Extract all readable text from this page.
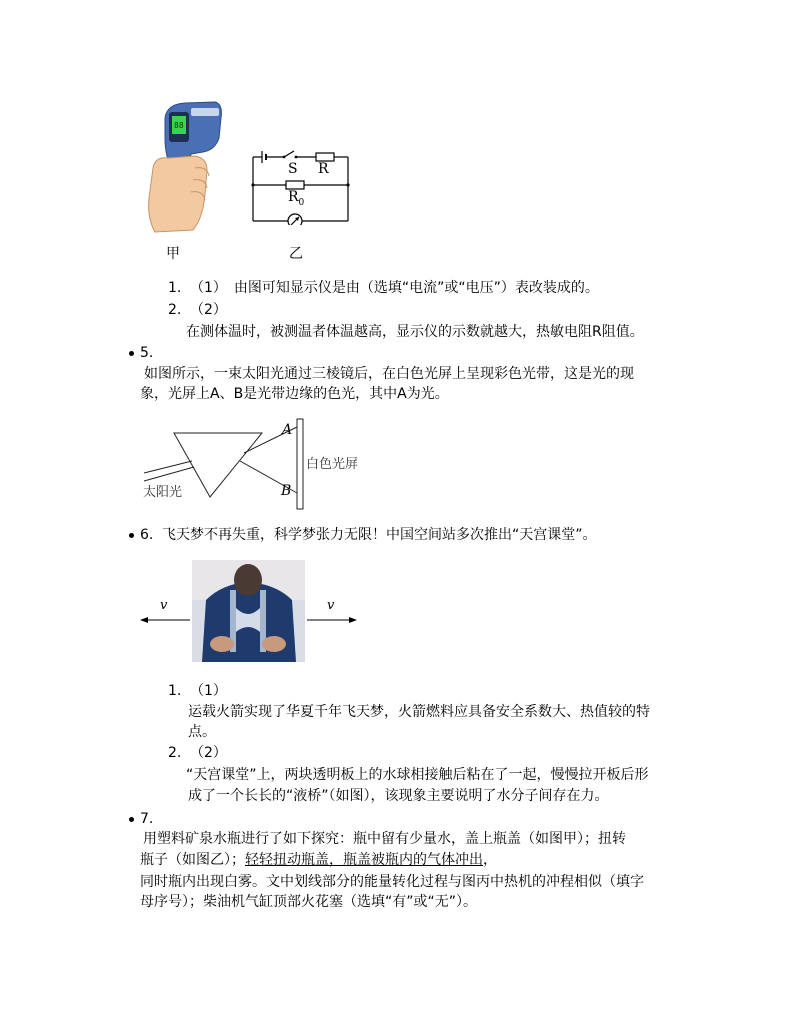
88
甲
S R
$R_0$
乙
1. （1）　由图可知显示仪是由（选填“电流”或“电压”）表改装成的。
2. （2）
在测体温时，被测温者体温越高，显示仪的示数就越大，热敏电阻R阻值。
5.
如图所示，一束太阳光通过三棱镜后，在白色光屏上呈现彩色光带，这是光的现
象，光屏上A、B是光带边缘的色光，其中A为光。
A
B
白色光屏
太阳光
6. 飞天梦不再失重，科学梦张力无限！中国空间站多次推出“天宫课堂”。
v	v
1. （1）
运载火箭实现了华夏千年飞天梦，火箭燃料应具备安全系数大、热值较的特
点。
2. （2）
“天宫课堂”上，两块透明板上的水球相接触后粘在了一起，慢慢拉开板后形
成了一个长长的“液桥”（如图），该现象主要说明了水分子间存在力。
7.
用塑料矿泉水瓶进行了如下探究：瓶中留有少量水，盖上瓶盖（如图甲）；扭转
瓶子（如图乙）；轻轻扭动瓶盖，瓶盖被瓶内的气体冲出，
同时瓶内出现白雾。文中划线部分的能量转化过程与图丙中热机的冲程相似（填字
母序号）；柴油机气缸顶部火花塞（选填“有”或“无”）。
